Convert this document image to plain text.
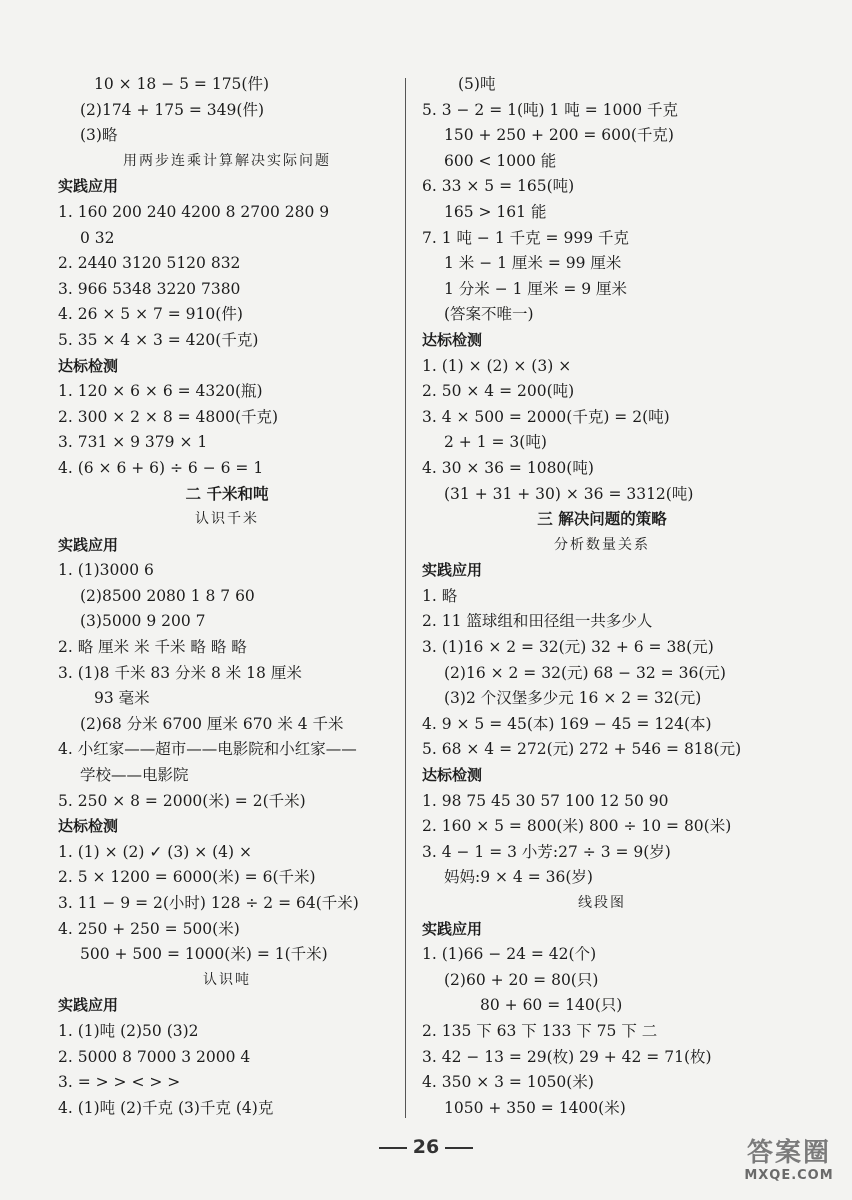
10 × 18 − 5 = 175(件)
(2)174 + 175 = 349(件)
(3)略
用两步连乘计算解决实际问题
实践应用
1. 160 200 240 4200 8 2700 280 9
0 32
2. 2440 3120 5120 832
3. 966 5348 3220 7380
4. 26 × 5 × 7 = 910(件)
5. 35 × 4 × 3 = 420(千克)
达标检测
1. 120 × 6 × 6 = 4320(瓶)
2. 300 × 2 × 8 = 4800(千克)
3. 731 × 9 379 × 1
4. (6 × 6 + 6) ÷ 6 − 6 = 1
二 千米和吨
认识千米
实践应用
1. (1)3000 6
(2)8500 2080 1 8 7 60
(3)5000 9 200 7
2. 略 厘米 米 千米 略 略 略
3. (1)8 千米 83 分米 8 米 18 厘米
93 毫米
(2)68 分米 6700 厘米 670 米 4 千米
4. 小红家——超市——电影院和小红家——
学校——电影院
5. 250 × 8 = 2000(米) = 2(千米)
达标检测
1. (1) × (2) ✓ (3) × (4) ×
2. 5 × 1200 = 6000(米) = 6(千米)
3. 11 − 9 = 2(小时) 128 ÷ 2 = 64(千米)
4. 250 + 250 = 500(米)
500 + 500 = 1000(米) = 1(千米)
认识吨
实践应用
1. (1)吨 (2)50 (3)2
2. 5000 8 7000 3 2000 4
3. = > > < > >
4. (1)吨 (2)千克 (3)千克 (4)克
(5)吨
5. 3 − 2 = 1(吨) 1 吨 = 1000 千克
150 + 250 + 200 = 600(千克)
600 < 1000 能
6. 33 × 5 = 165(吨)
165 > 161 能
7. 1 吨 − 1 千克 = 999 千克
1 米 − 1 厘米 = 99 厘米
1 分米 − 1 厘米 = 9 厘米
(答案不唯一)
达标检测
1. (1) × (2) × (3) ×
2. 50 × 4 = 200(吨)
3. 4 × 500 = 2000(千克) = 2(吨)
2 + 1 = 3(吨)
4. 30 × 36 = 1080(吨)
(31 + 31 + 30) × 36 = 3312(吨)
三 解决问题的策略
分析数量关系
实践应用
1. 略
2. 11 篮球组和田径组一共多少人
3. (1)16 × 2 = 32(元) 32 + 6 = 38(元)
(2)16 × 2 = 32(元) 68 − 32 = 36(元)
(3)2 个汉堡多少元 16 × 2 = 32(元)
4. 9 × 5 = 45(本) 169 − 45 = 124(本)
5. 68 × 4 = 272(元) 272 + 546 = 818(元)
达标检测
1. 98 75 45 30 57 100 12 50 90
2. 160 × 5 = 800(米) 800 ÷ 10 = 80(米)
3. 4 − 1 = 3 小芳:27 ÷ 3 = 9(岁)
妈妈:9 × 4 = 36(岁)
线段图
实践应用
1. (1)66 − 24 = 42(个)
(2)60 + 20 = 80(只)
80 + 60 = 140(只)
2. 135 下 63 下 133 下 75 下 二
3. 42 − 13 = 29(枚) 29 + 42 = 71(枚)
4. 350 × 3 = 1050(米)
1050 + 350 = 1400(米)
26	答案圈
MXQE.COM
